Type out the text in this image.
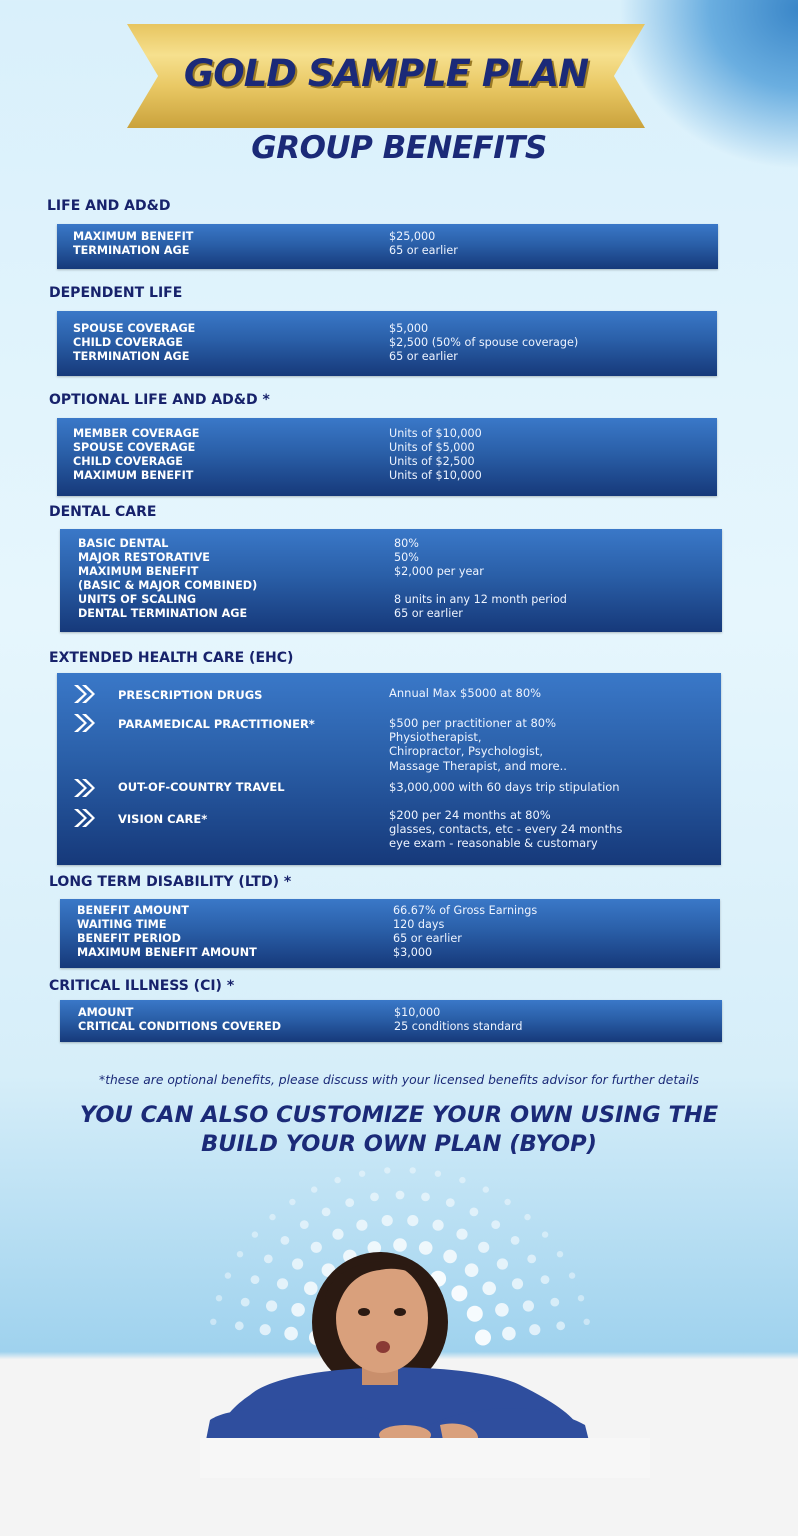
GOLD SAMPLE PLAN
GROUP BENEFITS
LIFE AND AD&D
MAXIMUM BENEFIT	$25,000
TERMINATION AGE	65 or earlier
DEPENDENT LIFE
SPOUSE COVERAGE	$5,000
CHILD COVERAGE	$2,500 (50% of spouse coverage)
TERMINATION AGE	65 or earlier
OPTIONAL LIFE AND AD&D *
MEMBER COVERAGE	Units of $10,000
SPOUSE COVERAGE	Units of $5,000
CHILD COVERAGE	Units of $2,500
MAXIMUM BENEFIT	Units of $10,000
DENTAL CARE
BASIC DENTAL	80%
MAJOR RESTORATIVE	50%
MAXIMUM BENEFIT	$2,000 per year
(BASIC & MAJOR COMBINED)
UNITS OF SCALING	8 units in any 12 month period
DENTAL TERMINATION AGE	65 or earlier
EXTENDED HEALTH CARE (EHC)
PRESCRIPTION DRUGS	Annual Max $5000 at 80%
PARAMEDICAL PRACTITIONER*	$500 per practitioner at 80%
Physiotherapist,
Chiropractor, Psychologist,
Massage Therapist, and more..
OUT-OF-COUNTRY TRAVEL	$3,000,000 with 60 days trip stipulation
VISION CARE*	$200 per 24 months at 80%
glasses, contacts, etc - every 24 months
eye exam - reasonable & customary
LONG TERM DISABILITY (LTD) *
BENEFIT AMOUNT	66.67% of Gross Earnings
WAITING TIME	120 days
BENEFIT PERIOD	65 or earlier
MAXIMUM BENEFIT AMOUNT	$3,000
CRITICAL ILLNESS (CI) *
AMOUNT	$10,000
CRITICAL CONDITIONS COVERED	25 conditions standard
*these are optional benefits, please discuss with your licensed benefits advisor for further details
YOU CAN ALSO CUSTOMIZE YOUR OWN USING THE
BUILD YOUR OWN PLAN (BYOP)
